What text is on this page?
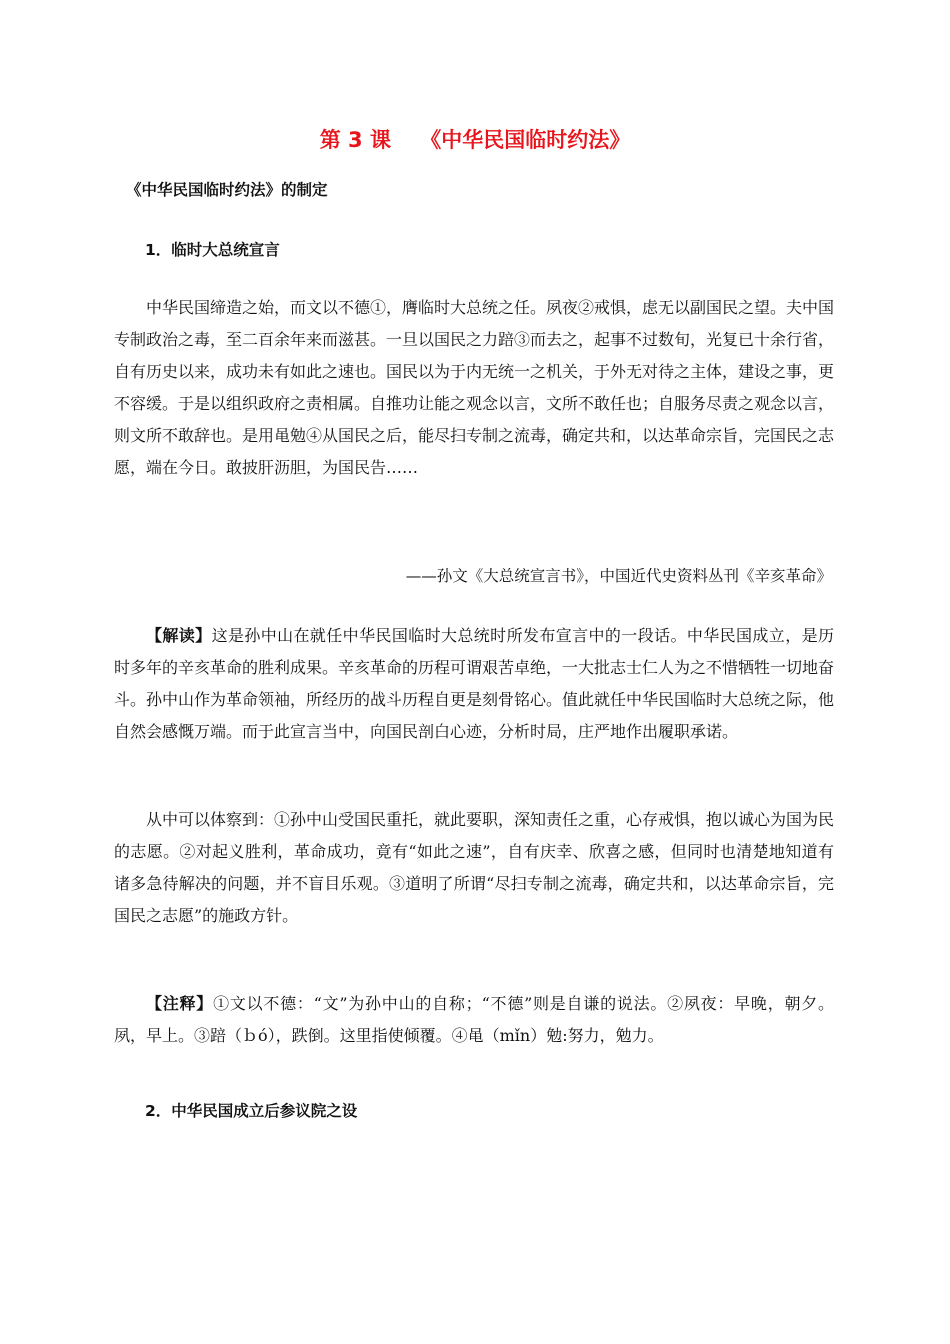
第 3 课    《中华民国临时约法》
《中华民国临时约法》的制定
1．临时大总统宣言
中华民国缔造之始，而文以不德①，膺临时大总统之任。夙夜②戒惧，虑无以副国民之望。夫中国专制政治之毒，至二百余年来而滋甚。一旦以国民之力踣③而去之，起事不过数旬，光复已十余行省，自有历史以来，成功未有如此之速也。国民以为于内无统一之机关，于外无对待之主体，建设之事，更不容缓。于是以组织政府之责相属。自推功让能之观念以言，文所不敢任也；自服务尽责之观念以言，则文所不敢辞也。是用黾勉④从国民之后，能尽扫专制之流毒，确定共和，以达革命宗旨，完国民之志愿，端在今日。敢披肝沥胆，为国民告……
——孙文《大总统宣言书》，中国近代史资料丛刊《辛亥革命》
【解读】这是孙中山在就任中华民国临时大总统时所发布宣言中的一段话。中华民国成立，是历时多年的辛亥革命的胜利成果。辛亥革命的历程可谓艰苦卓绝，一大批志士仁人为之不惜牺牲一切地奋斗。孙中山作为革命领袖，所经历的战斗历程自更是刻骨铭心。值此就任中华民国临时大总统之际，他自然会感慨万端。而于此宣言当中，向国民剖白心迹，分析时局，庄严地作出履职承诺。
从中可以体察到：①孙中山受国民重托，就此要职，深知责任之重，心存戒惧，抱以诚心为国为民的志愿。②对起义胜利，革命成功，竟有“如此之速”，自有庆幸、欣喜之感，但同时也清楚地知道有诸多急待解决的问题，并不盲目乐观。③道明了所谓“尽扫专制之流毒，确定共和，以达革命宗旨，完国民之志愿”的施政方针。
【注释】①文以不德：“文”为孙中山的自称；“不德”则是自谦的说法。②夙夜：早晚，朝夕。夙，早上。③踣（ｂó），跌倒。这里指使倾覆。④黾（mǐn）勉:努力，勉力。
2．中华民国成立后参议院之设
